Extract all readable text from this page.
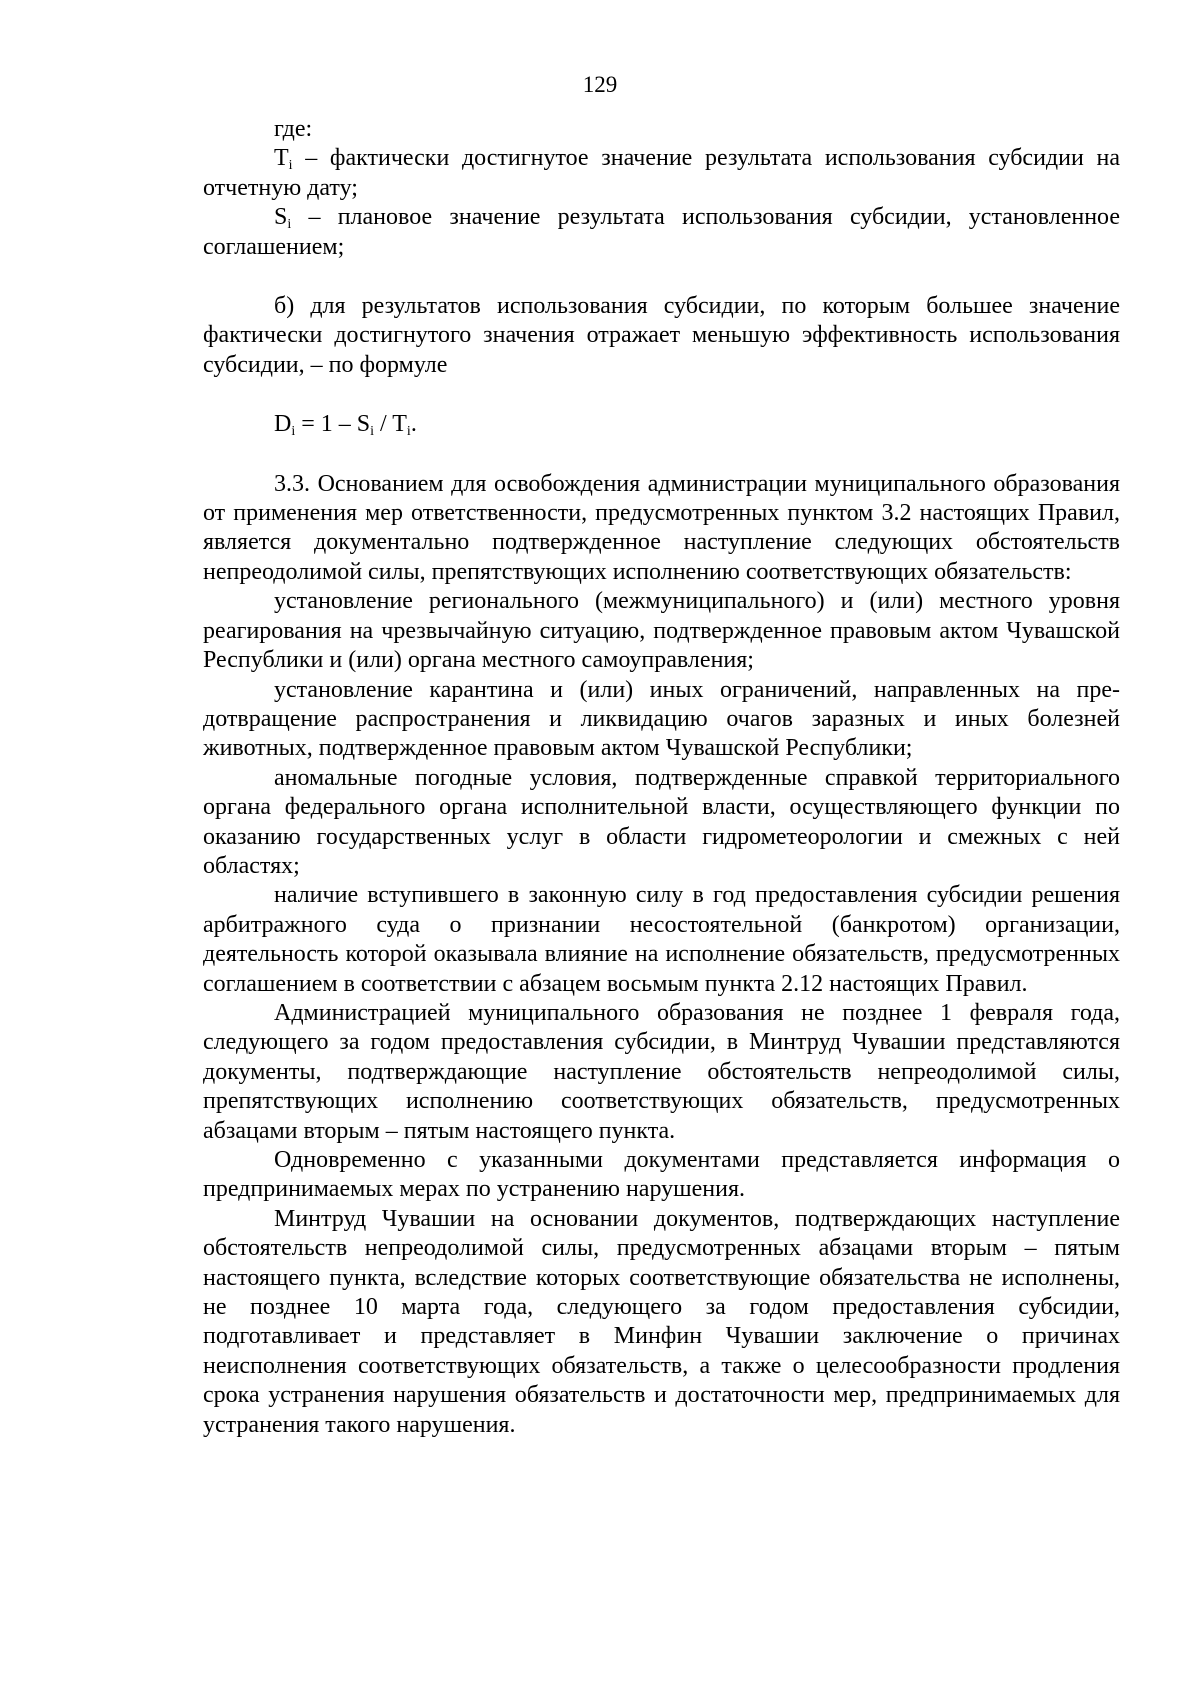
129

где:

$T_i$ – фактически достигнутое значение результата использования субсидии на отчетную дату;

$S_i$ – плановое значение результата использования субсидии, установленное соглашением;

б) для результатов использования субсидии, по которым большее значение фактически достигнутого значения отражает меньшую эффективность использования субсидии, – по формуле

$D_i = 1 - S_i / T_i$.

3.3. Основанием для освобождения администрации муниципального образования от применения мер ответственности, предусмотренных пунктом 3.2 настоящих Правил, является документально подтвержденное наступление следующих обстоятельств непреодолимой силы, препятствующих исполнению соответствующих обязательств:

установление регионального (межмуниципального) и (или) местного уровня реагирования на чрезвычайную ситуацию, подтвержденное правовым актом Чувашской Республики и (или) органа местного самоуправления;

установление карантина и (или) иных ограничений, направленных на предотвращение распространения и ликвидацию очагов заразных и иных болезней животных, подтвержденное правовым актом Чувашской Республики;

аномальные погодные условия, подтвержденные справкой территориального органа федерального органа исполнительной власти, осуществляющего функции по оказанию государственных услуг в области гидрометеорологии и смежных с ней областях;

наличие вступившего в законную силу в год предоставления субсидии решения арбитражного суда о признании несостоятельной (банкротом) организации, деятельность которой оказывала влияние на исполнение обязательств, предусмотренных соглашением в соответствии с абзацем восьмым пункта 2.12 настоящих Правил.

Администрацией муниципального образования не позднее 1 февраля года, следующего за годом предоставления субсидии, в Минтруд Чувашии представляются документы, подтверждающие наступление обстоятельств непреодолимой силы, препятствующих исполнению соответствующих обязательств, предусмотренных абзацами вторым – пятым настоящего пункта.

Одновременно с указанными документами представляется информация о предпринимаемых мерах по устранению нарушения.

Минтруд Чувашии на основании документов, подтверждающих наступление обстоятельств непреодолимой силы, предусмотренных абзацами вторым – пятым настоящего пункта, вследствие которых соответствующие обязательства не исполнены, не позднее 10 марта года, следующего за годом предоставления субсидии, подготавливает и представляет в Минфин Чувашии заключение о причинах неисполнения соответствующих обязательств, а также о целесообразности продления срока устранения нарушения обязательств и достаточности мер, предпринимаемых для устранения такого нарушения.
